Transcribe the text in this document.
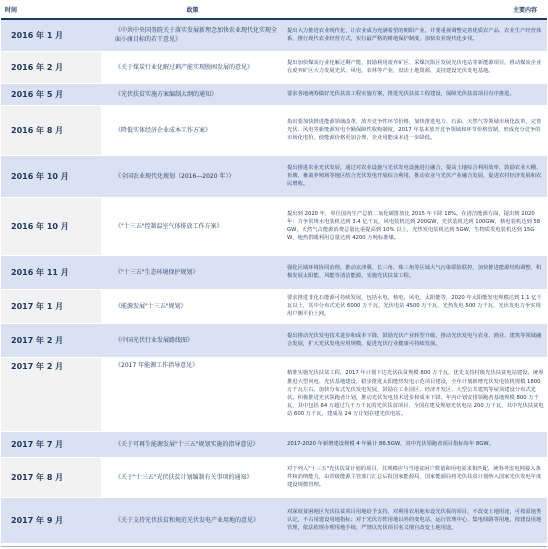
时间	政策	主要内容
2016 年 1 月	《中共中央国务院关于落实发展新理念加快农业现代化实现全面小康目标的若干意见》	提出大力推进农业现代化，让农业成为充满希望的朝阳产业，并要重视调整完善优质农产品、农业生产经营体系，推行现代农业经营方式，实行最严格的耕地保护制度，加快农业现代化步伐。
2016 年 2 月	《关于煤炭行业化解过剩产能实现脱困发展的意见》	提出加快煤炭行业化解过剩产能，鼓励利用废弃矿区、采煤沉陷区发展光伏电站等新能源项目，推动煤炭企业在废弃矿区大力发展光伏、风电、农林等产业，盘活土地资源，支持建设光伏发电基地。
2016 年 5 月	《光伏扶贫实施方案编制大纲的通知》	要求各地统筹做好光伏扶贫工程实施方案，推进光伏扶贫工程建设，保障光伏扶贫项目有序推进。
2016 年 8 月	《降低实体经济企业成本工作方案》	指出要加快推进能源领域改革，放开竞争性环节价格，加快推进电力、石油、天然气等领域市场化改革，完善光伏、风电等新能源发电全额保障性收购制度，2017 年基本放开竞争领域和环节价格管制，形成充分竞争的市场化电价，使能源价格更加合理，企业用能成本进一步降低。
2016 年 10 月	《全国农业现代化规划（2016—2020 年）》	提出推进农业光伏发展，通过对农业设施与光伏发电设施进行融合，提高土地综合利用效率，鼓励农业大棚、鱼塘、畜禽养殖场等地区结合光伏发电开展综合利用，推动农业与光伏产业融合发展，促进农村经济发展和农民增收。
2016 年 10 月	《"十三五"控制温室气体排放工作方案》	提出到 2020 年，单位国内生产总值二氧化碳排放比 2015 年下降 18%。在清洁能源方面，提出到 2020 年：力争常规水电装机达到 3.4 亿千瓦，风电装机达到 200GW，光伏装机达到 100GW，核电装机达到 58GW，天然气占能源消费总量比重提高到 10% 以上，光热发电装机达到 5GW，生物质发电装机达到 15GW，地热供暖利用总量达到 4200 万吨标准煤。
2016 年 11 月	《"十三五"生态环境保护规划》	强化区域环境协同治理，推动京津冀、长三角、珠三角等区域大气污染联防联控，加快推进能源结构调整，积极发展太阳能、风能等清洁能源，实施光伏扶贫工程。
2017 年 1 月	《能源发展"十三五"规划》	要求推进非化石能源可持续发展，包括水电、核电、风电、太阳能等，2020 年太阳能发电规模达到 1.1 亿千瓦以上，其中分布式光伏 6000 万千瓦、光伏电站 4500 万千瓦、光热发电 500 万千瓦，光伏发电力争实现用户侧平价上网。
2017 年 2 月	《中国光伏行业发展路线图》	提出推动光伏发电技术进步和成本下降，鼓励光伏产业转型升级，推动光伏发电与农业、渔业、建筑等领域融合发展，扩大光伏发电应用规模，促进光伏行业健康可持续发展。
2017 年 2 月	《2017 年能源工作指导意见》	精准实施光伏扶贫工程，2017 年计划下达光伏扶贫规模 800 万千瓦，优先支持村级光伏扶贫电站建设。统筹推进大型风电、光伏基地建设，稳步推进太阳能热发电示范项目建设，全年计划新增光伏发电装机规模 1800 万千瓦左右。加快分布式光伏发电发展，鼓励在工业园区、经济开发区、大型公共建筑等屋顶建设分布式光伏。积极推进光伏领跑者计划，推动光伏发电技术进步和成本下降，年内计划安排领跑者基地规模 800 万千瓦，其中包括 64 万超过九千万千瓦的光伏扶贫项目，全国在建及规划光伏电站 200 万千瓦，其中光伏扶贫电站 600 万千瓦，建成及 24 万计划在建光伏电站。
2017 年 7 月	《关于可再生能源发展"十三五"规划实施的指导意见》	2017-2020 年新增建设规模 4 年累计 86.5GW，其中光伏领跑者项目指标每年 8GW。
2017 年 8 月	《关于"十三五"光伏扶贫计划编制有关事项的通知》	对于列入"十三五"光伏扶贫计划的项目，其规模应与当地贫困户数量和用电需求相匹配，统筹考虑电网接入条件和消纳能力，由省级能源主管部门汇总后报国家能源局，国家能源局将光伏扶贫计划纳入国家光伏发电年度建设规模管理。
2017 年 9 月	《关于支持光伏扶贫和规范光伏发电产业用地的意见》	对深度贫困地区光伏扶贫项目用地给予支持，对利用农用地布设光伏板的项目，不改变土地用途，可按原地类认定，不占用建设用地指标；对于光伏方阵用地以外的变电站、运行管理中心、集电线路等用地，按建设用地管理，依法依规办理用地手续，严禁以光伏项目名义擅自改变土地用途。
